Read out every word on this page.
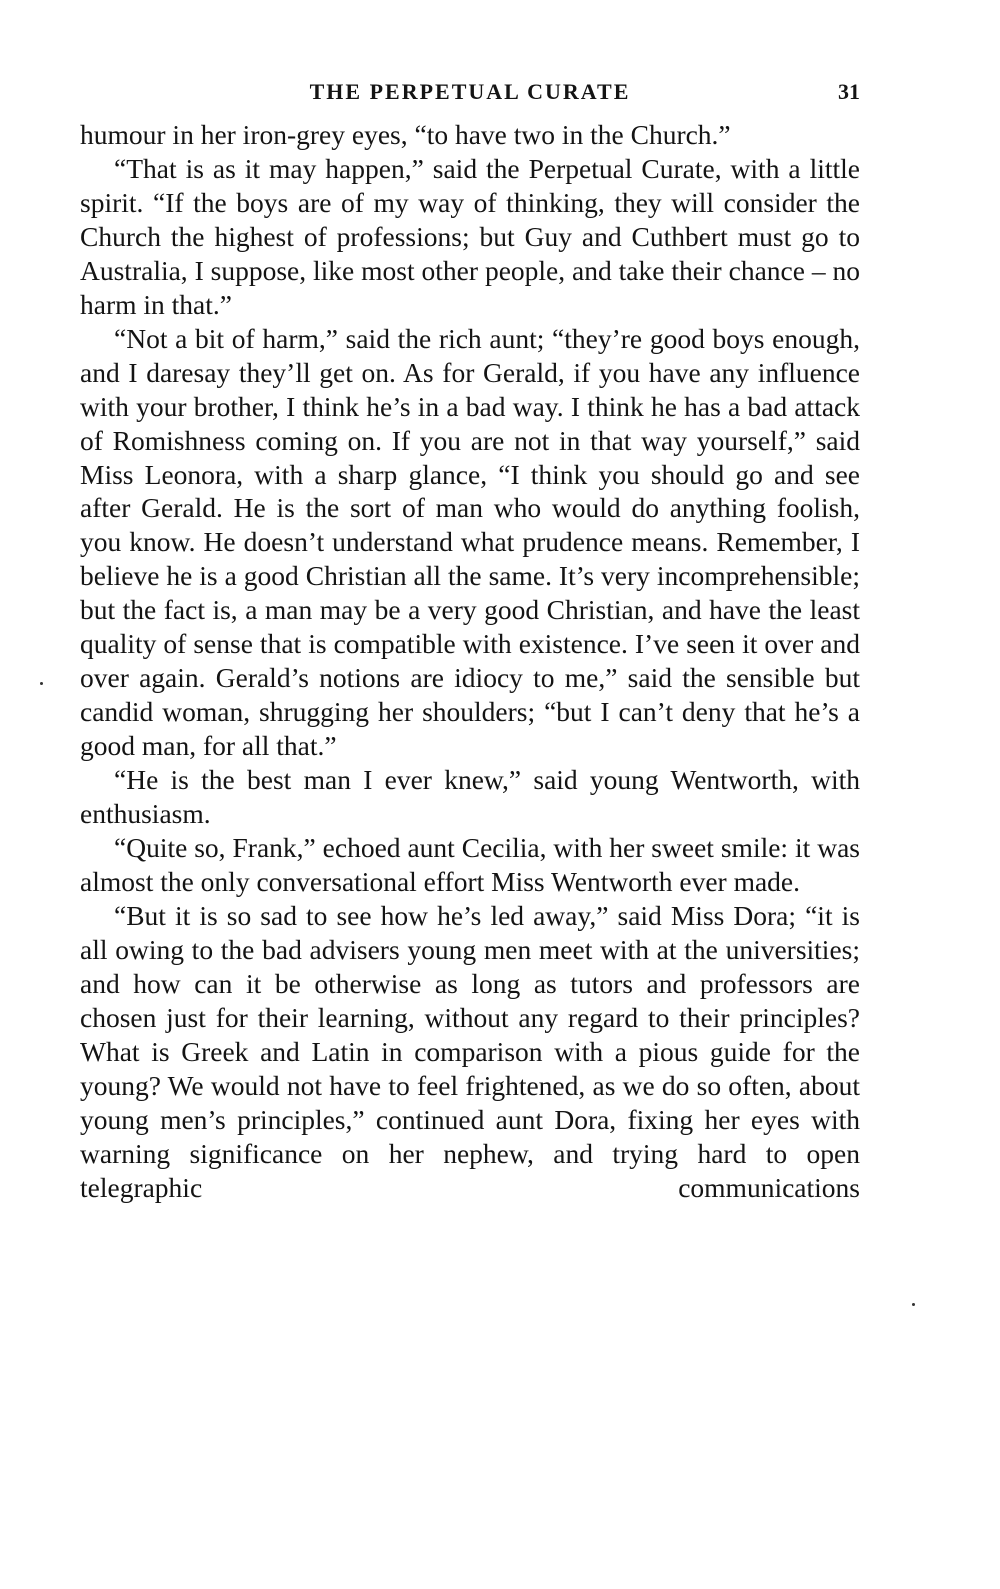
THE PERPETUAL CURATE	31

humour in her iron-grey eyes, “to have two in the Church.”

“That is as it may happen,” said the Perpetual Curate, with a little spirit. “If the boys are of my way of thinking, they will consider the Church the highest of professions; but Guy and Cuthbert must go to Australia, I suppose, like most other people, and take their chance – no harm in that.”

“Not a bit of harm,” said the rich aunt; “they’re good boys enough, and I daresay they’ll get on. As for Gerald, if you have any influence with your brother, I think he’s in a bad way. I think he has a bad attack of Romishness coming on. If you are not in that way yourself,” said Miss Leonora, with a sharp glance, “I think you should go and see after Gerald. He is the sort of man who would do anything foolish, you know. He doesn’t understand what prudence means. Remember, I believe he is a good Christian all the same. It’s very incomprehensible; but the fact is, a man may be a very good Christian, and have the least quality of sense that is compatible with existence. I’ve seen it over and over again. Gerald’s notions are idiocy to me,” said the sensible but candid woman, shrugging her shoulders; “but I can’t deny that he’s a good man, for all that.”

“He is the best man I ever knew,” said young Wentworth, with enthusiasm.

“Quite so, Frank,” echoed aunt Cecilia, with her sweet smile: it was almost the only conversational effort Miss Wentworth ever made.

“But it is so sad to see how he’s led away,” said Miss Dora; “it is all owing to the bad advisers young men meet with at the universities; and how can it be otherwise as long as tutors and professors are chosen just for their learning, without any regard to their principles? What is Greek and Latin in comparison with a pious guide for the young? We would not have to feel frightened, as we do so often, about young men’s principles,” continued aunt Dora, fixing her eyes with warning significance on her nephew, and trying hard to open telegraphic communications
